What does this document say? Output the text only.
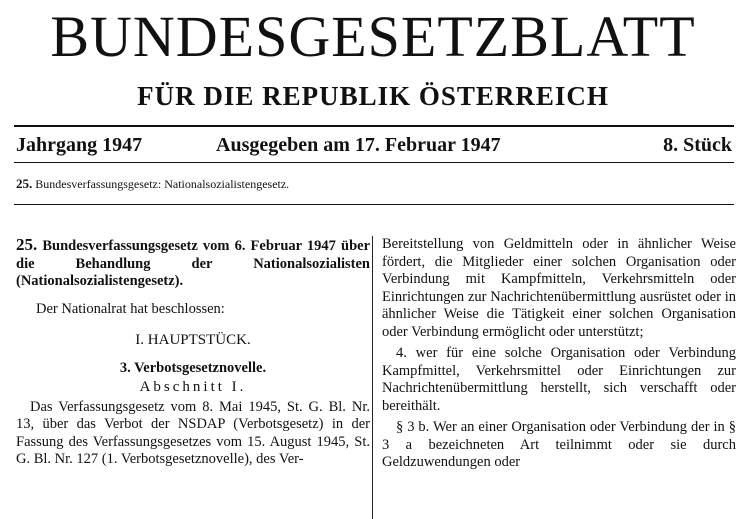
BUNDESGESETZBLATT
FÜR DIE REPUBLIK ÖSTERREICH
Jahrgang 1947	Ausgegeben am 17. Februar 1947	8. Stück
25. Bundesverfassungsgesetz: Nationalsozialistengesetz.

25. Bundesverfassungsgesetz vom 6. Februar 1947 über die Behandlung der Nationalsozialisten (Nationalsozialistengesetz).

Der Nationalrat hat beschlossen:

I. HAUPTSTÜCK.

3. Verbotsgesetznovelle.

Abschnitt I.

Das Verfassungsgesetz vom 8. Mai 1945, St. G. Bl. Nr. 13, über das Verbot der NSDAP (Verbotsgesetz) in der Fassung des Verfassungsgesetzes vom 15. August 1945, St. G. Bl. Nr. 127 (1. Verbotsgesetznovelle), des Ver-

Bereitstellung von Geldmitteln oder in ähnlicher Weise fördert, die Mitglieder einer solchen Organisation oder Verbindung mit Kampfmitteln, Verkehrsmitteln oder Einrichtungen zur Nachrichtenübermittlung ausrüstet oder in ähnlicher Weise die Tätigkeit einer solchen Organisation oder Verbindung ermöglicht oder unterstützt;

4. wer für eine solche Organisation oder Verbindung Kampfmittel, Verkehrsmittel oder Einrichtungen zur Nachrichtenübermittlung herstellt, sich verschafft oder bereithält.

§ 3 b. Wer an einer Organisation oder Verbindung der in § 3 a bezeichneten Art teilnimmt oder sie durch Geldzuwendungen oder
